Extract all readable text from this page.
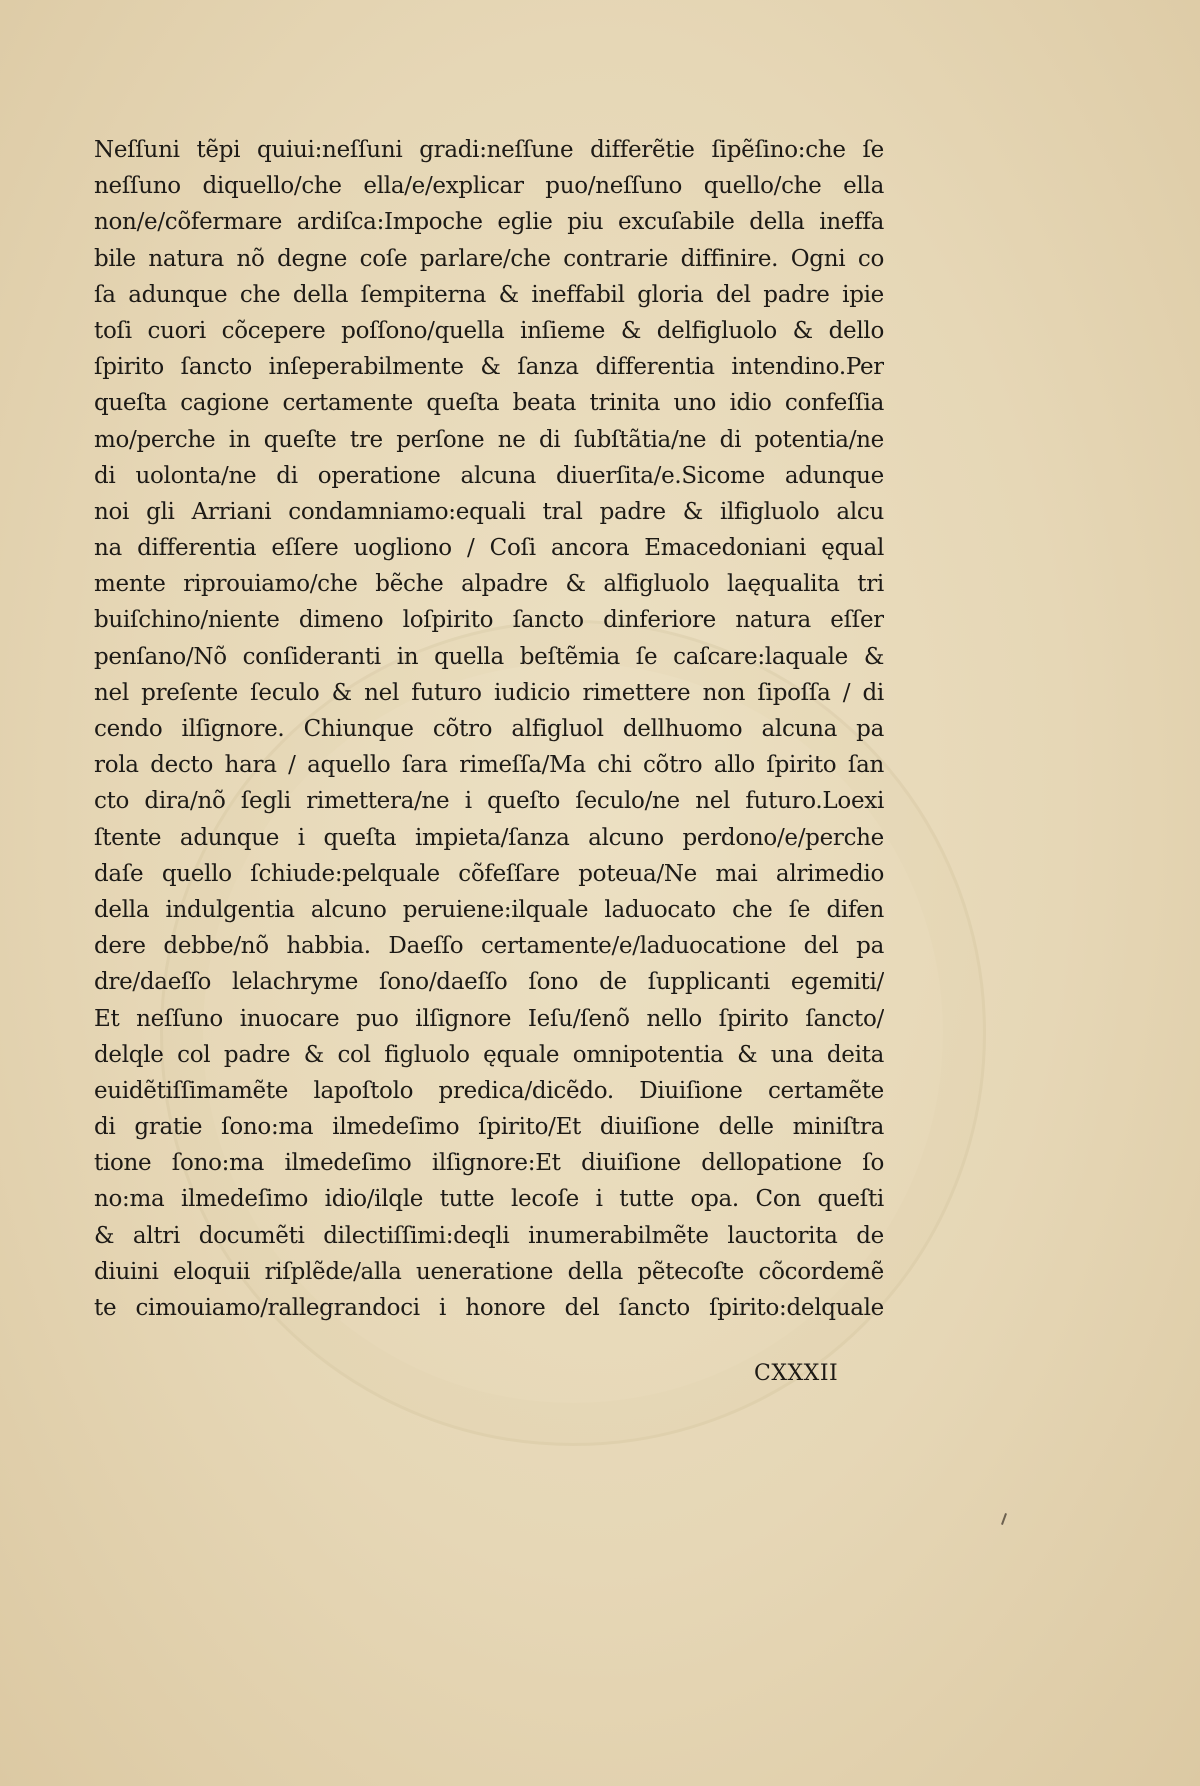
Neſſuni tẽpi quiui:neſſuni gradi:neſſune differẽtie ſipẽſino:che ſe
neſſuno diquello/che ella/e/explicar puo/neſſuno quello/che ella
non/e/cõfermare ardiſca:Impoche eglie piu excuſabile della ineffa
bile natura nõ degne coſe parlare/che contrarie diffinire. Ogni co
ſa adunque che della ſempiterna & ineffabil gloria del padre ipie
toſi cuori cõcepere poſſono/quella inſieme & delfigluolo & dello
ſpirito ſancto inſeperabilmente & ſanza differentia intendino.Per
queſta cagione certamente queſta beata trinita uno idio confeſſia
mo/perche in queſte tre perſone ne di ſubſtãtia/ne di potentia/ne
di uolonta/ne di operatione alcuna diuerſita/e.Sicome adunque
noi gli Arriani condamniamo:equali tral padre & ilfigluolo alcu
na differentia eſſere uogliono / Coſi ancora Emacedoniani ęqual
mente riprouiamo/che bẽche alpadre & alfigluolo laęqualita tri
buiſchino/niente dimeno loſpirito ſancto dinferiore natura eſſer
penſano/Nõ conſideranti in quella beſtẽmia ſe caſcare:laquale &
nel preſente ſeculo & nel futuro iudicio rimettere non ſipoſſa / di
cendo ilſignore. Chiunque cõtro alfigluol dellhuomo alcuna pa
rola decto hara / aquello ſara rimeſſa/Ma chi cõtro allo ſpirito ſan
cto dira/nõ ſegli rimettera/ne i queſto ſeculo/ne nel futuro.Loexi
ſtente adunque i queſta impieta/ſanza alcuno perdono/e/perche
daſe quello ſchiude:pelquale cõfeſſare poteua/Ne mai alrimedio
della indulgentia alcuno peruiene:ilquale laduocato che ſe difen
dere debbe/nõ habbia. Daeſſo certamente/e/laduocatione del pa
dre/daeſſo lelachryme ſono/daeſſo ſono de ſupplicanti egemiti/
Et neſſuno inuocare puo ilſignore Ieſu/ſenõ nello ſpirito ſancto/
delqle col padre & col figluolo ęquale omnipotentia & una deita
euidẽtiſſimamẽte lapoſtolo predica/dicẽdo. Diuiſione certamẽte
di gratie ſono:ma ilmedeſimo ſpirito/Et diuiſione delle miniſtra
tione ſono:ma ilmedeſimo ilſignore:Et diuiſione dellopatione ſo
no:ma ilmedeſimo idio/ilqle tutte lecoſe i tutte opa. Con queſti
& altri documẽti dilectiſſimi:deqli inumerabilmẽte lauctorita de
diuini eloquii riſplẽde/alla ueneratione della pẽtecoſte cõcordemẽ
te cimouiamo/rallegrandoci i honore del ſancto ſpirito:delquale
CXXXII
